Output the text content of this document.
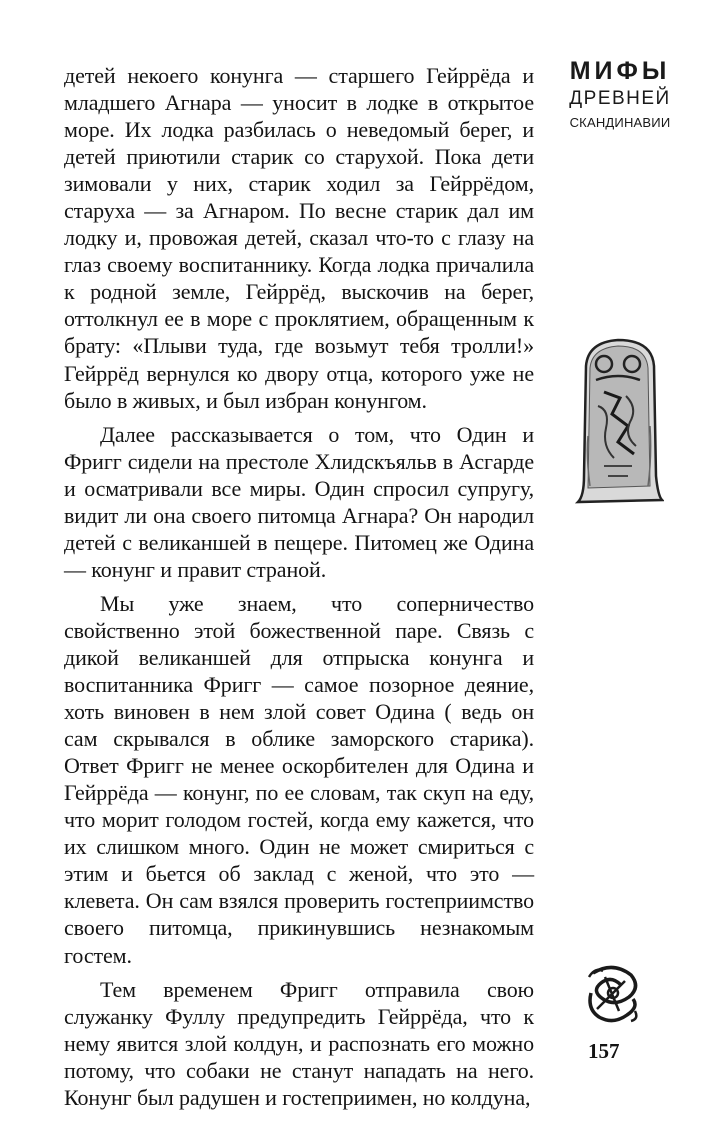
детей некоего конунга — старшего Гейррёда и младшего Агнара — уносит в лодке в открытое море. Их лодка разбилась о неведомый берег, и детей приютили старик со старухой. Пока дети зимовали у них, старик ходил за Гейррёдом, старуха — за Агнаром. По весне старик дал им лодку и, провожая детей, сказал что-то с глазу на глаз своему воспитаннику. Когда лодка причалила к родной земле, Гейррёд, выскочив на берег, оттолкнул ее в море с проклятием, обращенным к брату: «Плыви туда, где возьмут тебя тролли!» Гейррёд вернулся ко двору отца, которого уже не было в живых, и был избран конунгом.

Далее рассказывается о том, что Один и Фригг сидели на престоле Хлидскъяльв в Асгарде и осматривали все миры. Один спросил супругу, видит ли она своего питомца Агнара? Он народил детей с великаншей в пещере. Питомец же Одина — конунг и правит страной.

Мы уже знаем, что соперничество свойственно этой божественной паре. Связь с дикой великаншей для отпрыска конунга и воспитанника Фригг — самое позорное деяние, хоть виновен в нем злой совет Одина ( ведь он сам скрывался в облике заморского старика). Ответ Фригг не менее оскорбителен для Одина и Гейррёда — конунг, по ее словам, так скуп на еду, что морит голодом гостей, когда ему кажется, что их слишком много. Один не может смириться с этим и бьется об заклад с женой, что это — клевета. Он сам взялся проверить гостеприимство своего питомца, прикинувшись незнакомым гостем.

Тем временем Фригг отправила свою служанку Фуллу предупредить Гейррёда, что к нему явится злой колдун, и распознать его можно потому, что собаки не станут нападать на него. Конунг был радушен и гостеприимен, но колдуна,

МИФЫ
ДРЕВНЕЙ
СКАНДИНАВИИ
157
